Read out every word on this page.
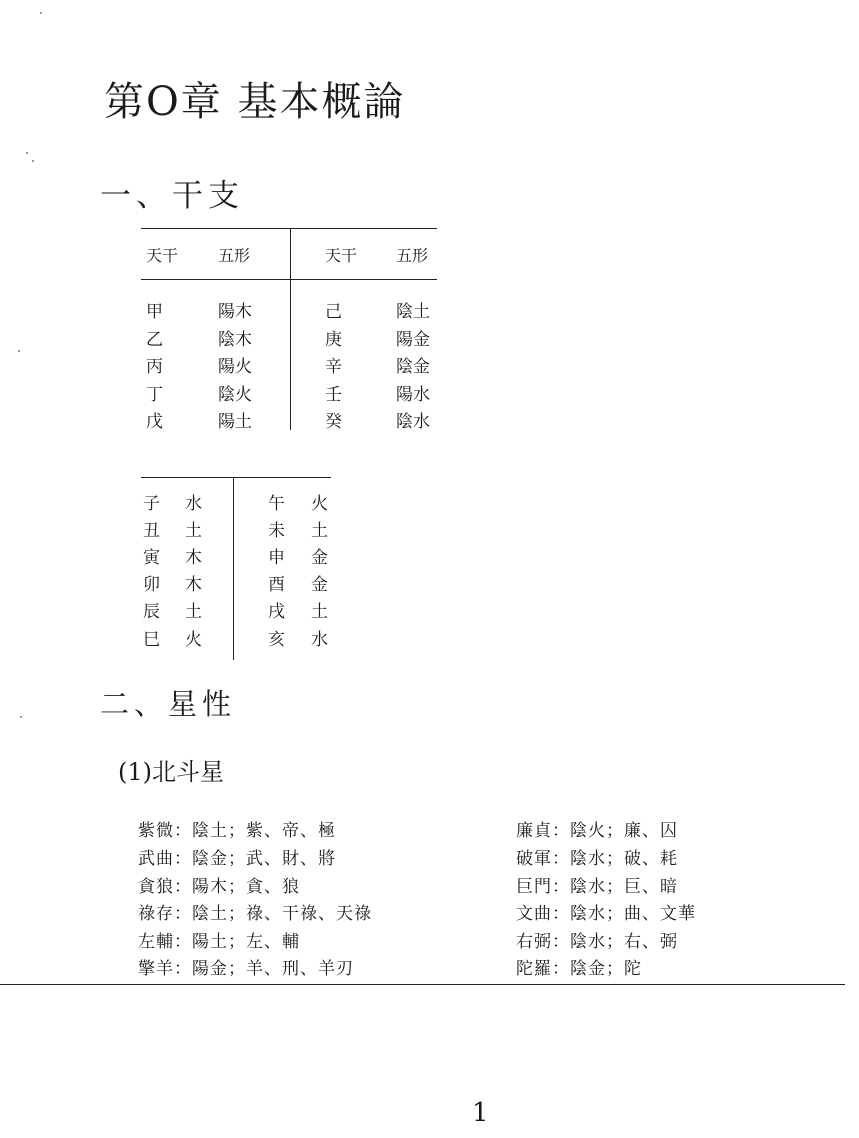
第O章 基本概論
一、干支
天干 五形	天干 五形
甲	陽木	己	陰土
乙	陰木	庚	陽金
丙	陽火	辛	陰金
丁	陰火	壬	陽水
戊	陽土	癸	陰水
子 水	午 火
丑 土	未 土
寅 木	申 金
卯 木	酉 金
辰 土	戌 土
巳 火	亥 水
二、星性
(1)北斗星
紫微：陰土；紫、帝、極
武曲：陰金；武、財、將
貪狼：陽木；貪、狼
祿存：陰土；祿、干祿、天祿
左輔：陽土；左、輔
擎羊：陽金；羊、刑、羊刃
廉貞：陰火；廉、囚
破軍：陰水；破、耗
巨門：陰水；巨、暗
文曲：陰水；曲、文華
右弼：陰水；右、弼
陀羅：陰金；陀
1
